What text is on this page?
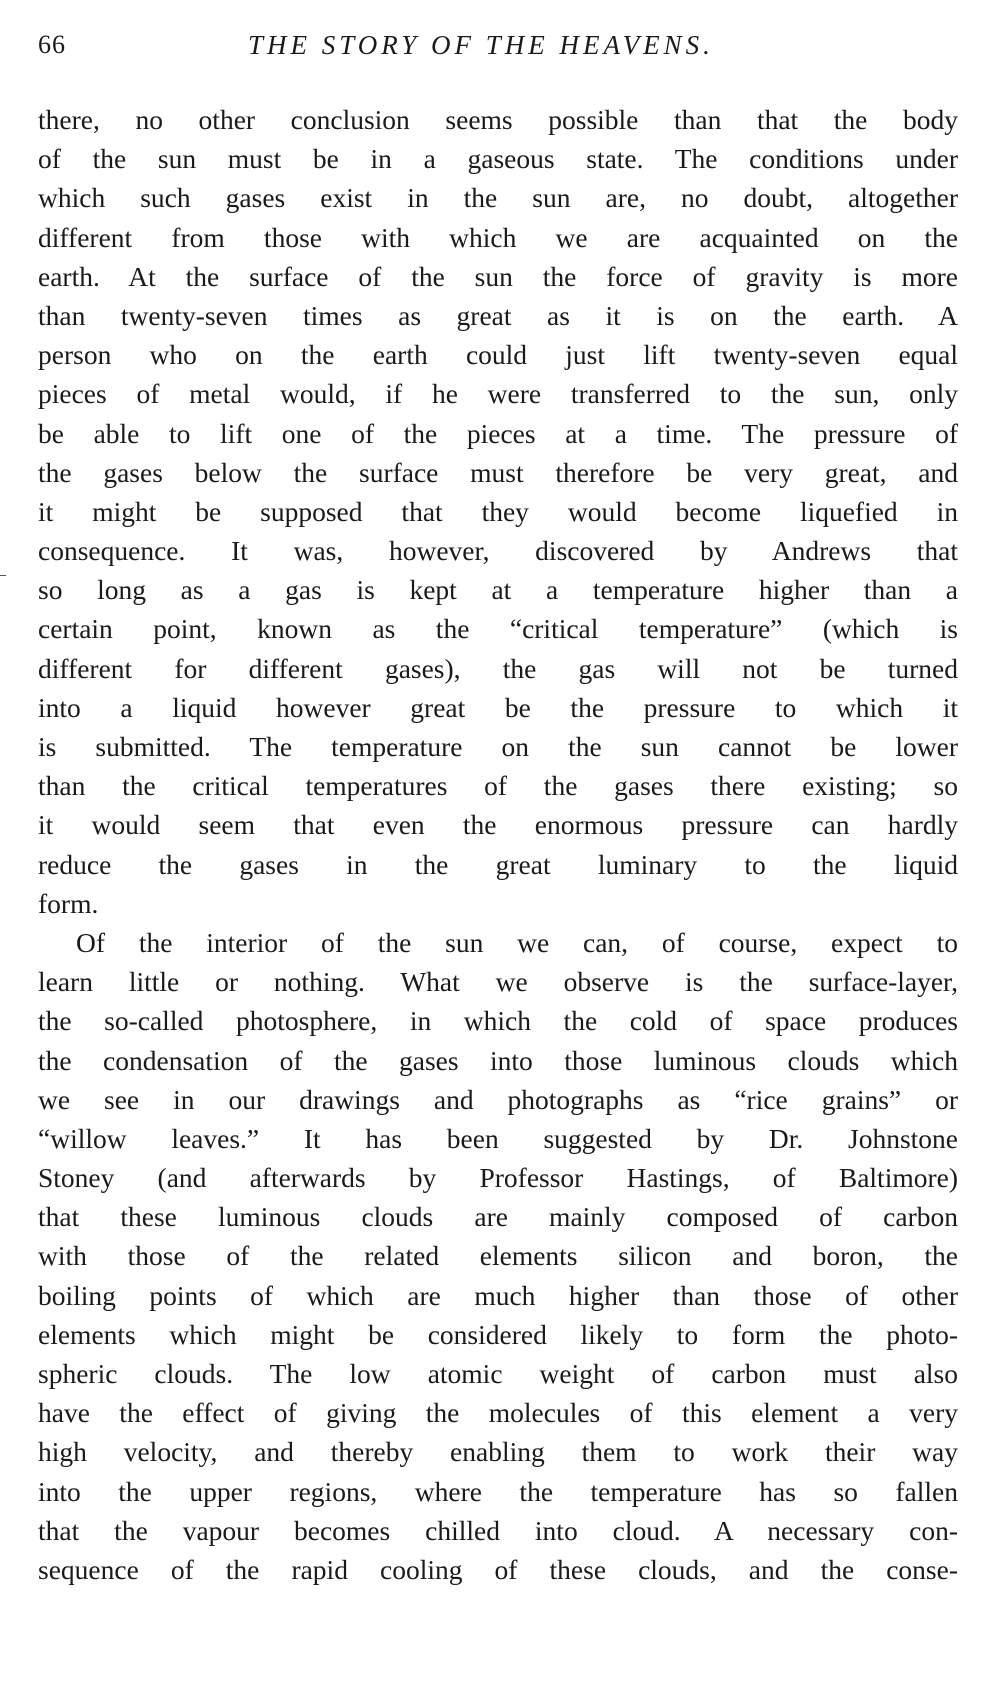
66	THE STORY OF THE HEAVENS.
there, no other conclusion seems possible than that the body
of the sun must be in a gaseous state. The conditions under
which such gases exist in the sun are, no doubt, altogether
different from those with which we are acquainted on the
earth. At the surface of the sun the force of gravity is more
than twenty-seven times as great as it is on the earth. A
person who on the earth could just lift twenty-seven equal
pieces of metal would, if he were transferred to the sun, only
be able to lift one of the pieces at a time. The pressure of
the gases below the surface must therefore be very great, and
it might be supposed that they would become liquefied in
consequence. It was, however, discovered by Andrews that
so long as a gas is kept at a temperature higher than a
certain point, known as the “critical temperature” (which is
different for different gases), the gas will not be turned
into a liquid however great be the pressure to which it
is submitted. The temperature on the sun cannot be lower
than the critical temperatures of the gases there existing; so
it would seem that even the enormous pressure can hardly
reduce the gases in the great luminary to the liquid
form.
Of the interior of the sun we can, of course, expect to
learn little or nothing. What we observe is the surface-layer,
the so-called photosphere, in which the cold of space produces
the condensation of the gases into those luminous clouds which
we see in our drawings and photographs as “rice grains” or
“willow leaves.” It has been suggested by Dr. Johnstone
Stoney (and afterwards by Professor Hastings, of Baltimore)
that these luminous clouds are mainly composed of carbon
with those of the related elements silicon and boron, the
boiling points of which are much higher than those of other
elements which might be considered likely to form the photo-
spheric clouds. The low atomic weight of carbon must also
have the effect of giving the molecules of this element a very
high velocity, and thereby enabling them to work their way
into the upper regions, where the temperature has so fallen
that the vapour becomes chilled into cloud. A necessary con-
sequence of the rapid cooling of these clouds, and the conse-
